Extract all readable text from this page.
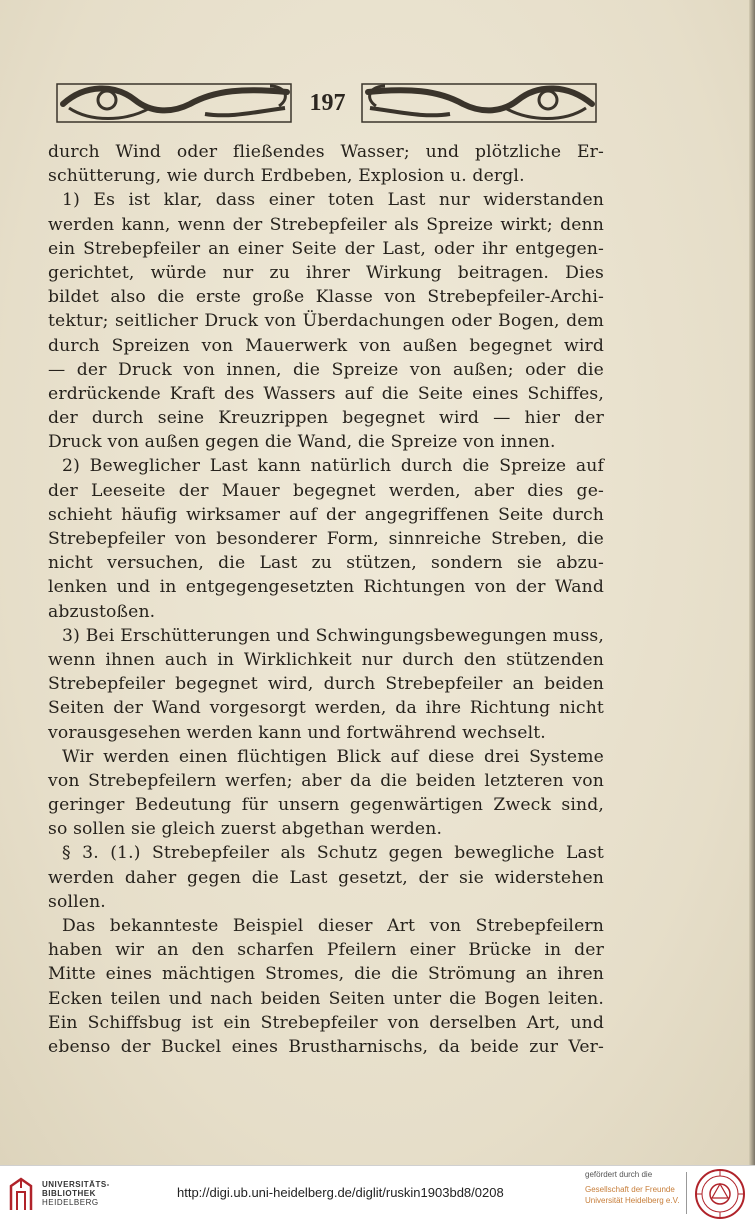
197
durch Wind oder fließendes Wasser; und plötzliche Er-
schütterung, wie durch Erdbeben, Explosion u. dergl.
1) Es ist klar, dass einer toten Last nur widerstanden
werden kann, wenn der Strebepfeiler als Spreize wirkt; denn
ein Strebepfeiler an einer Seite der Last, oder ihr entgegen-
gerichtet, würde nur zu ihrer Wirkung beitragen. Dies
bildet also die erste große Klasse von Strebepfeiler-Archi-
tektur; seitlicher Druck von Überdachungen oder Bogen, dem
durch Spreizen von Mauerwerk von außen begegnet wird
— der Druck von innen, die Spreize von außen; oder die
erdrückende Kraft des Wassers auf die Seite eines Schiffes,
der durch seine Kreuzrippen begegnet wird — hier der
Druck von außen gegen die Wand, die Spreize von innen.
2) Beweglicher Last kann natürlich durch die Spreize auf
der Leeseite der Mauer begegnet werden, aber dies ge-
schieht häufig wirksamer auf der angegriffenen Seite durch
Strebepfeiler von besonderer Form, sinnreiche Streben, die
nicht versuchen, die Last zu stützen, sondern sie abzu-
lenken und in entgegengesetzten Richtungen von der Wand
abzustoßen.
3) Bei Erschütterungen und Schwingungsbewegungen muss,
wenn ihnen auch in Wirklichkeit nur durch den stützenden
Strebepfeiler begegnet wird, durch Strebepfeiler an beiden
Seiten der Wand vorgesorgt werden, da ihre Richtung nicht
vorausgesehen werden kann und fortwährend wechselt.
Wir werden einen flüchtigen Blick auf diese drei Systeme
von Strebepfeilern werfen; aber da die beiden letzteren von
geringer Bedeutung für unsern gegenwärtigen Zweck sind,
so sollen sie gleich zuerst abgethan werden.
§ 3. (1.) Strebepfeiler als Schutz gegen bewegliche Last
werden daher gegen die Last gesetzt, der sie widerstehen
sollen.
Das bekannteste Beispiel dieser Art von Strebepfeilern
haben wir an den scharfen Pfeilern einer Brücke in der
Mitte eines mächtigen Stromes, die die Strömung an ihren
Ecken teilen und nach beiden Seiten unter die Bogen leiten.
Ein Schiffsbug ist ein Strebepfeiler von derselben Art, und
ebenso der Buckel eines Brustharnischs, da beide zur Ver-
UNIVERSITÄTS-
BIBLIOTHEK
HEIDELBERG
http://digi.ub.uni-heidelberg.de/diglit/ruskin1903bd8/0208
gefördert durch die
Gesellschaft der Freunde
Universität Heidelberg e.V.
